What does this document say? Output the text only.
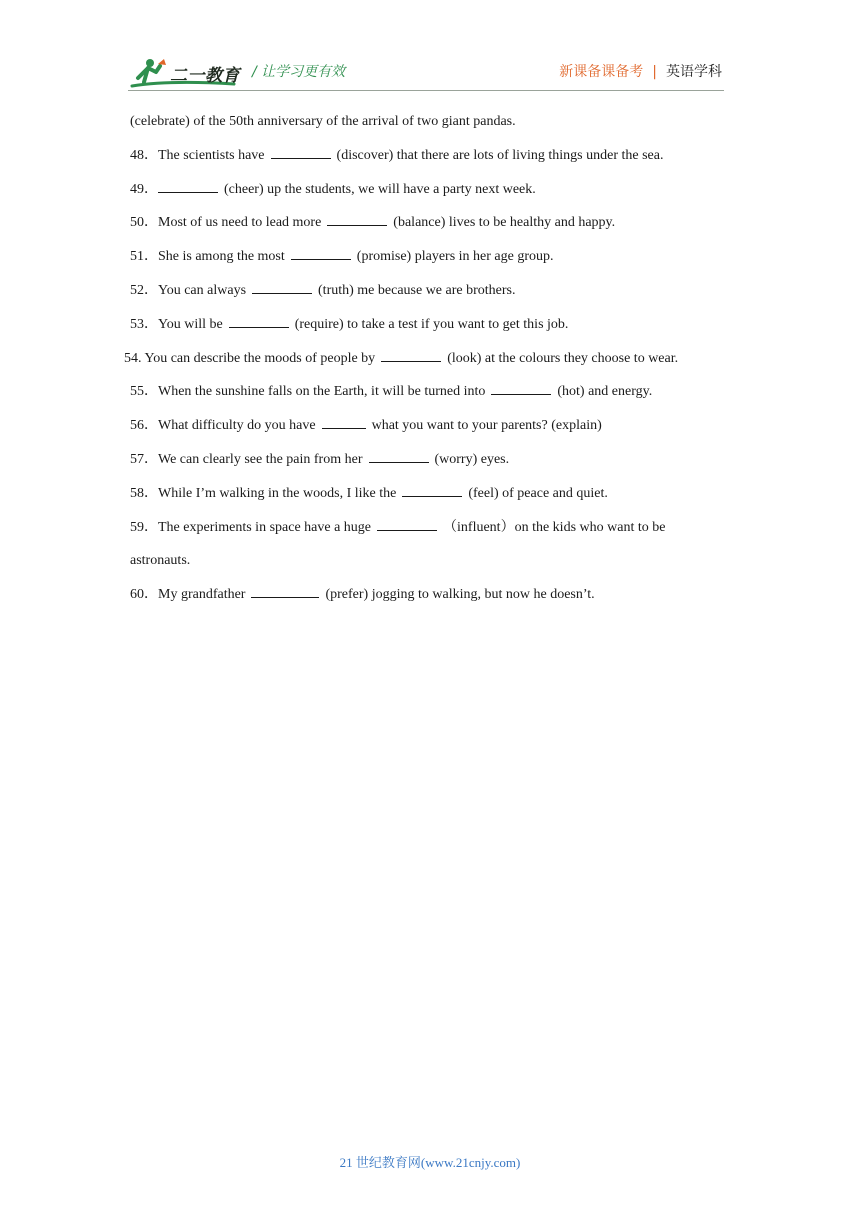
二一教育 / 让学习更有效	新课备课备考 | 英语学科
(celebrate) of the 50th anniversary of the arrival of two giant pandas.
48．The scientists have	(discover) that there are lots of living things under the sea.
49．	(cheer) up the students, we will have a party next week.
50．Most of us need to lead more	(balance) lives to be healthy and happy.
51．She is among the most	(promise) players in her age group.
52．You can always	(truth) me because we are brothers.
53．You will be	(require) to take a test if you want to get this job.
54. You can describe the moods of people by	(look) at the colours they choose to wear.
55．When the sunshine falls on the Earth, it will be turned into	(hot) and energy.
56．What difficulty do you have	what you want to your parents? (explain)
57．We can clearly see the pain from her	(worry) eyes.
58．While I’m walking in the woods, I like the	(feel) of peace and quiet.
59．The experiments in space have a huge	（influent）on the kids who want to be
astronauts.
60．My grandfather	(prefer) jogging to walking, but now he doesn’t.
21 世纪教育网(www.21cnjy.com)
